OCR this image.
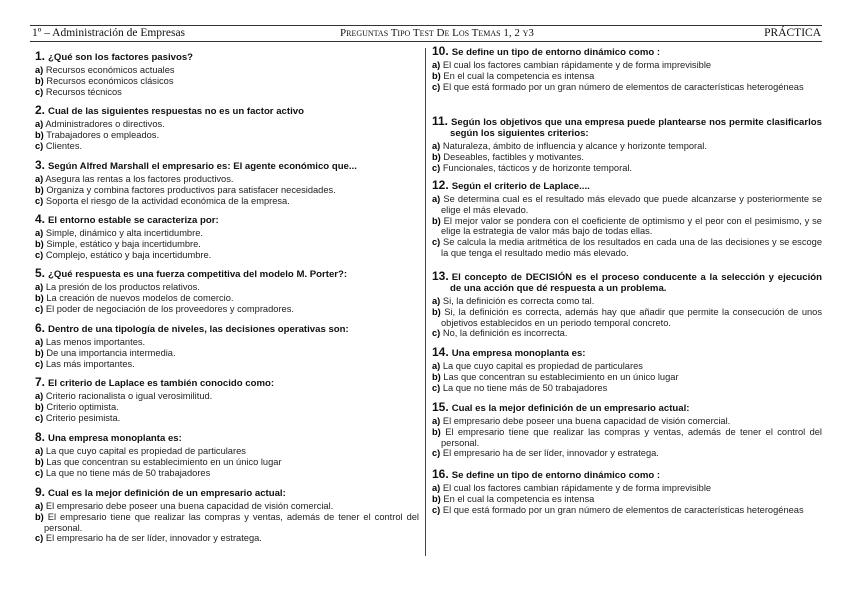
1º – Administración de Empresas	Preguntas Tipo Test De Los Temas 1, 2 y3	PRÁCTICA
1. ¿Qué son los factores pasivos?
a) Recursos económicos actuales
b) Recursos económicos clásicos
c) Recursos técnicos
2. Cual de las siguientes respuestas no es un factor activo
a) Administradores o directivos.
b) Trabajadores o empleados.
c) Clientes.
3. Según Alfred Marshall el empresario es: El agente económico que...
a) Asegura las rentas a los factores productivos.
b) Organiza y combina factores productivos para satisfacer necesidades.
c) Soporta el riesgo de la actividad económica de la empresa.
4. El entorno estable se caracteriza por:
a) Simple, dinámico y alta incertidumbre.
b) Simple, estático y baja incertidumbre.
c) Complejo, estático y baja incertidumbre.
5. ¿Qué respuesta es una fuerza competitiva del modelo M. Porter?:
a) La presión de los productos relativos.
b) La creación de nuevos modelos de comercio.
c) El poder de negociación de los proveedores y compradores.
6. Dentro de una tipología de niveles, las decisiones operativas son:
a) Las menos importantes.
b) De una importancia intermedia.
c) Las más importantes.
7. El criterio de Laplace es también conocido como:
a) Criterio racionalista o igual verosimilitud.
b) Criterio optimista.
c) Criterio pesimista.
8. Una empresa monoplanta es:
a) La que cuyo capital es propiedad de particulares
b) Las que concentran su establecimiento en un único lugar
c) La que no tiene más de 50 trabajadores
9. Cual es la mejor definición de un empresario actual:
a) El empresario debe poseer una buena capacidad de visión comercial.
b) El empresario tiene que realizar las compras y ventas, además de tener el control del personal.
c) El empresario ha de ser líder, innovador y estratega.
10. Se define un tipo de entorno dinámico como :
a) El cual los factores cambian rápidamente y de forma imprevisible
b) En el cual la competencia es intensa
c) El que está formado por un gran número de elementos de características heterogéneas
11. Según los objetivos que una empresa puede plantearse nos permite clasificarlos según los siguientes criterios:
a) Naturaleza, ámbito de influencia y alcance y horizonte temporal.
b) Deseables, factibles y motivantes.
c) Funcionales, tácticos y de horizonte temporal.
12. Según el criterio de Laplace....
a) Se determina cual es el resultado más elevado que puede alcanzarse y posteriormente se elige el más elevado.
b) El mejor valor se pondera con el coeficiente de optimismo y el peor con el pesimismo, y se elige la estrategia de valor más bajo de todas ellas.
c) Se calcula la media aritmética de los resultados en cada una de las decisiones y se escoge la que tenga el resultado medio más elevado.
13. El concepto de DECISIÓN es el proceso conducente a la selección y ejecución de una acción que dé respuesta a un problema.
a) Si, la definición es correcta como tal.
b) Si, la definición es correcta, además hay que añadir que permite la consecución de unos objetivos establecidos en un periodo temporal concreto.
c) No, la definición es incorrecta.
14. Una empresa monoplanta es:
a) La que cuyo capital es propiedad de particulares
b) Las que concentran su establecimiento en un único lugar
c) La que no tiene más de 50 trabajadores
15. Cual es la mejor definición de un empresario actual:
a) El empresario debe poseer una buena capacidad de visión comercial.
b) El empresario tiene que realizar las compras y ventas, además de tener el control del personal.
c) El empresario ha de ser líder, innovador y estratega.
16. Se define un tipo de entorno dinámico como :
a) El cual los factores cambian rápidamente y de forma imprevisible
b) En el cual la competencia es intensa
c) El que está formado por un gran número de elementos de características heterogéneas
